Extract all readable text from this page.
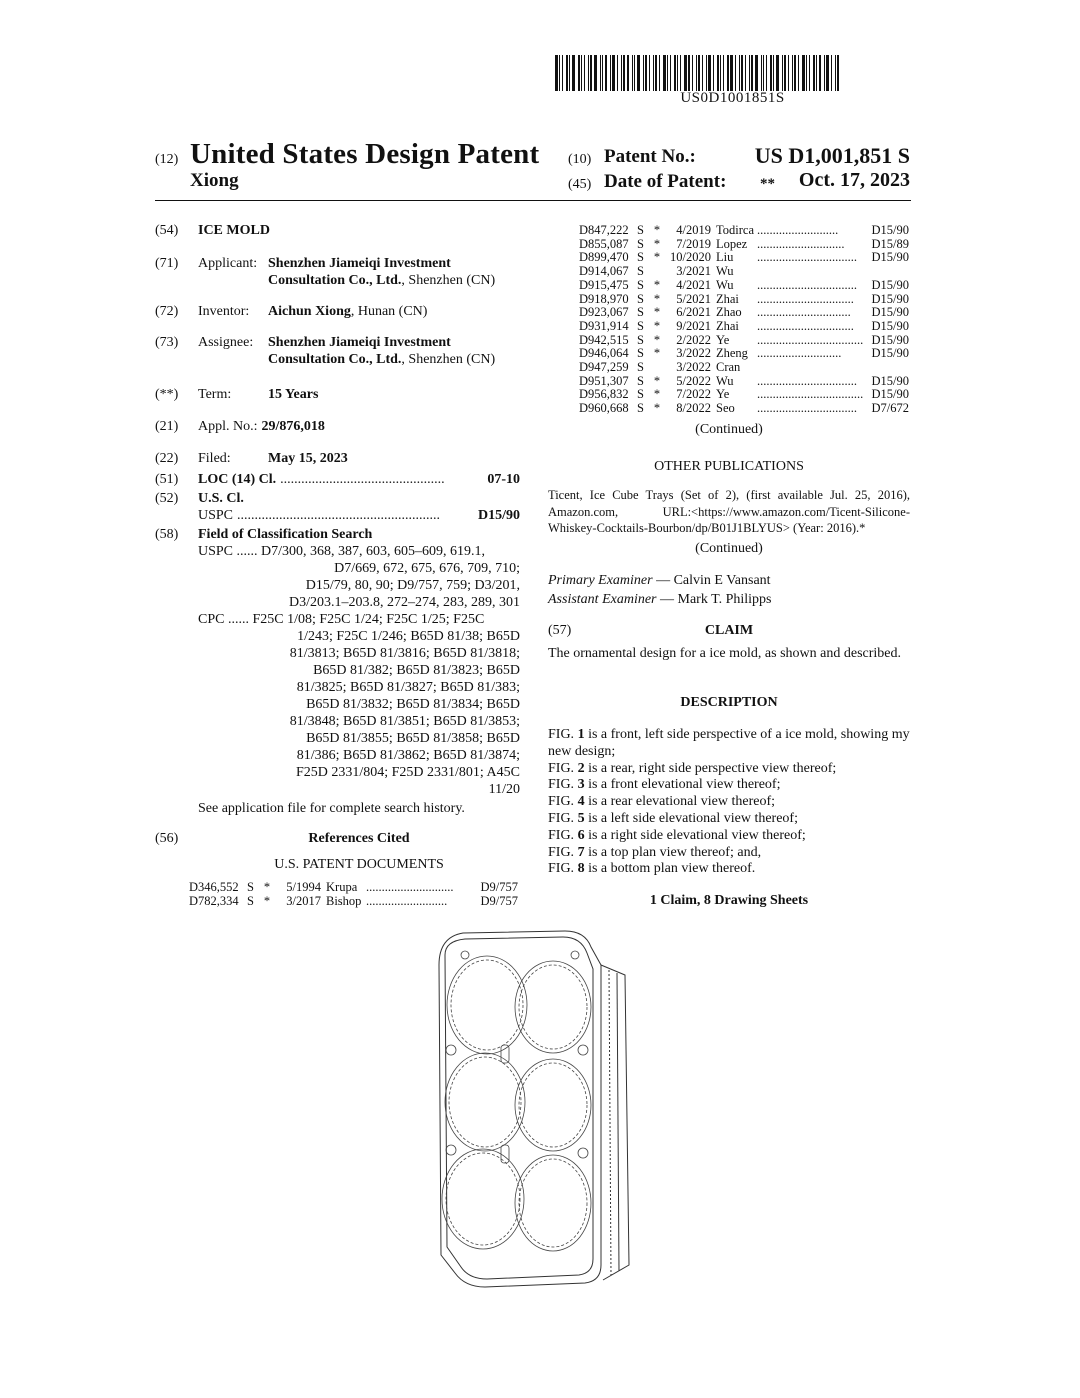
US0D1001851S
(12) United States Design Patent
Xiong
(10) Patent No.:	US D1,001,851 S
(45) Date of Patent: ** Oct. 17, 2023
(54)	ICE MOLD
(71)	Applicant: Shenzhen Jiameiqi Investment Consultation Co., Ltd., Shenzhen (CN)
(72)	Inventor:	Aichun Xiong, Hunan (CN)
(73)	Assignee:	Shenzhen Jiameiqi Investment Consultation Co., Ltd., Shenzhen (CN)
(**)	Term:	15 Years
(21)	Appl. No.: 29/876,018
(22)	Filed:	May 15, 2023
(51)	LOC (14) Cl. ...............................................	07-10
(52)	U.S. Cl.
USPC ..........................................................	D15/90
(58)	Field of Classification Search
USPC ...... D7/300, 368, 387, 603, 605–609, 619.1,
D7/669, 672, 675, 676, 709, 710;
D15/79, 80, 90; D9/757, 759; D3/201,
D3/203.1–203.8, 272–274, 283, 289, 301
CPC ...... F25C 1/08; F25C 1/24; F25C 1/25; F25C
1/243; F25C 1/246; B65D 81/38; B65D
81/3813; B65D 81/3816; B65D 81/3818;
B65D 81/382; B65D 81/3823; B65D
81/3825; B65D 81/3827; B65D 81/383;
B65D 81/3832; B65D 81/3834; B65D
81/3848; B65D 81/3851; B65D 81/3853;
B65D 81/3855; B65D 81/3858; B65D
81/386; B65D 81/3862; B65D 81/3874;
F25D 2331/804; F25D 2331/801; A45C
11/20
See application file for complete search history.
(56)	References Cited
U.S. PATENT DOCUMENTS
D346,552	S	*	5/1994	Krupa	............................	D9/757
D782,334	S	*	3/2017	Bishop	..........................	D9/757
D847,222	S	*	4/2019	Todirca	..........................	D15/90
D855,087	S	*	7/2019	Lopez	............................	D15/89
D899,470	S	*	10/2020	Liu	................................	D15/90
D914,067	S		3/2021	Wu		
D915,475	S	*	4/2021	Wu	................................	D15/90
D918,970	S	*	5/2021	Zhai	...............................	D15/90
D923,067	S	*	6/2021	Zhao	..............................	D15/90
D931,914	S	*	9/2021	Zhai	...............................	D15/90
D942,515	S	*	2/2022	Ye	..................................	D15/90
D946,064	S	*	3/2022	Zheng	...........................	D15/90
D947,259	S		3/2022	Cran		
D951,307	S	*	5/2022	Wu	................................	D15/90
D956,832	S	*	7/2022	Ye	..................................	D15/90
D960,668	S	*	8/2022	Seo	................................	D7/672
(Continued)
OTHER PUBLICATIONS
Ticent, Ice Cube Trays (Set of 2), (first available Jul. 25, 2016), Amazon.com, URL:<https://www.amazon.com/Ticent-Silicone-Whiskey-Cocktails-Bourbon/dp/B01J1BLYUS> (Year: 2016).*
(Continued)
Primary Examiner — Calvin E Vansant
Assistant Examiner — Mark T. Philipps
(57)	CLAIM
The ornamental design for a ice mold, as shown and described.
DESCRIPTION

FIG. 1 is a front, left side perspective of a ice mold, showing my new design;

FIG. 2 is a rear, right side perspective view thereof;

FIG. 3 is a front elevational view thereof;

FIG. 4 is a rear elevational view thereof;

FIG. 5 is a left side elevational view thereof;

FIG. 6 is a right side elevational view thereof;

FIG. 7 is a top plan view thereof; and,

FIG. 8 is a bottom plan view thereof.

1 Claim, 8 Drawing Sheets
